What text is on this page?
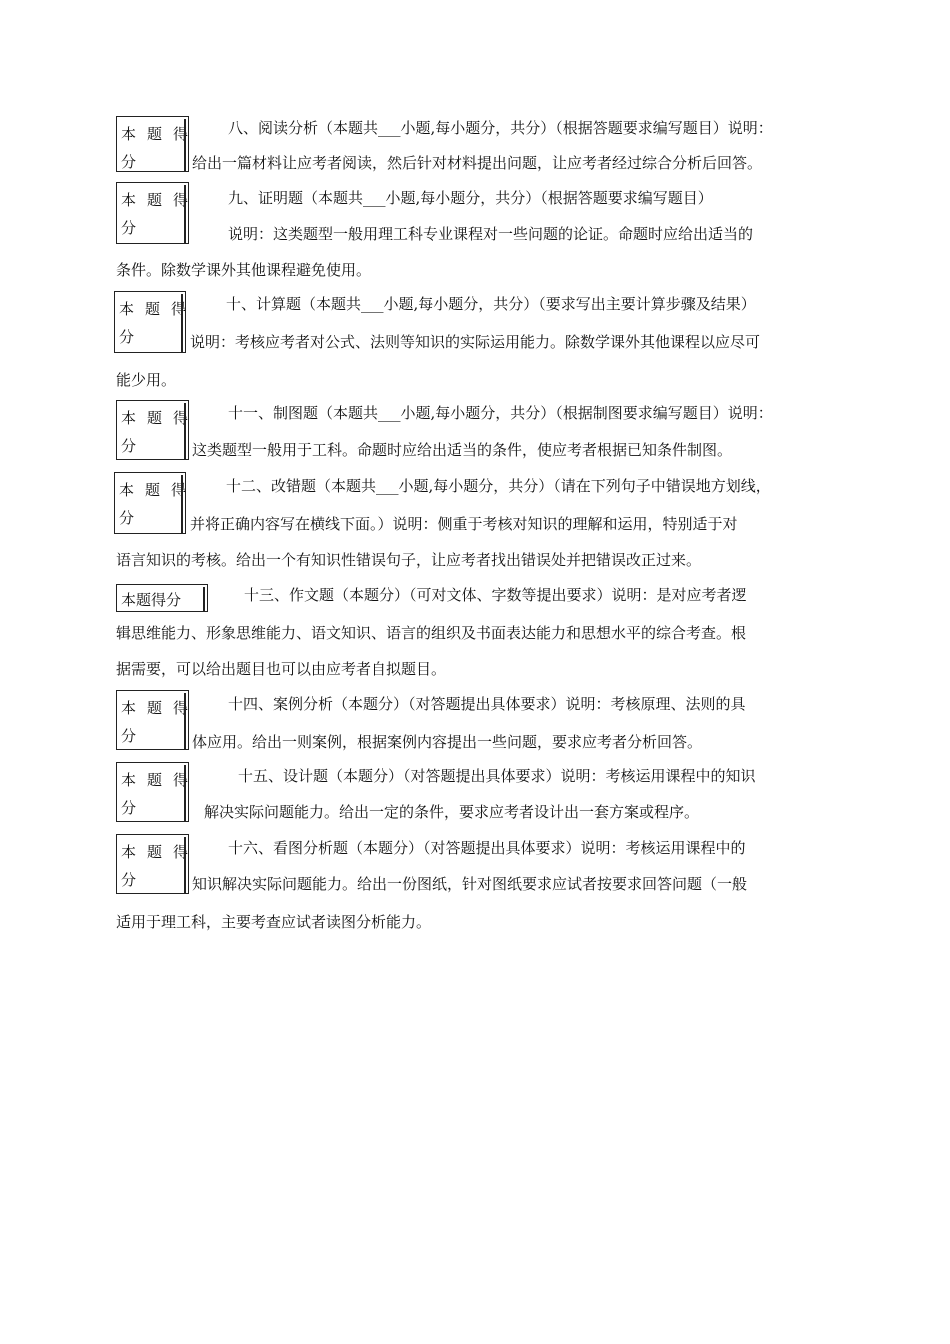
本题得
分
八、阅读分析（本题共___小题,每小题分，共分）（根据答题要求编写题目）说明：
给出一篇材料让应考者阅读，然后针对材料提出问题，让应考者经过综合分析后回答。
本题得
分
九、证明题（本题共___小题,每小题分，共分）（根据答题要求编写题目）
说明：这类题型一般用理工科专业课程对一些问题的论证。命题时应给出适当的
条件。除数学课外其他课程避免使用。
本题得
分
十、计算题（本题共___小题,每小题分，共分）（要求写出主要计算步骤及结果）
说明：考核应考者对公式、法则等知识的实际运用能力。除数学课外其他课程以应尽可
能少用。
本题得
分
十一、制图题（本题共___小题,每小题分，共分）（根据制图要求编写题目）说明：
这类题型一般用于工科。命题时应给出适当的条件，使应考者根据已知条件制图。
本题得
分
十二、改错题（本题共___小题,每小题分，共分）（请在下列句子中错误地方划线，
并将正确内容写在横线下面。）说明：侧重于考核对知识的理解和运用，特别适于对
语言知识的考核。给出一个有知识性错误句子，让应考者找出错误处并把错误改正过来。
本题得分	十三、作文题（本题分）（可对文体、字数等提出要求）说明：是对应考者逻
辑思维能力、形象思维能力、语文知识、语言的组织及书面表达能力和思想水平的综合考查。根
据需要，可以给出题目也可以由应考者自拟题目。
本题得
分
十四、案例分析（本题分）（对答题提出具体要求）说明：考核原理、法则的具
体应用。给出一则案例，根据案例内容提出一些问题，要求应考者分析回答。
本题得
分
十五、设计题（本题分）（对答题提出具体要求）说明：考核运用课程中的知识
解决实际问题能力。给出一定的条件，要求应考者设计出一套方案或程序。
本题得
分
十六、看图分析题（本题分）（对答题提出具体要求）说明：考核运用课程中的
知识解决实际问题能力。给出一份图纸，针对图纸要求应试者按要求回答问题（一般
适用于理工科，主要考查应试者读图分析能力。
